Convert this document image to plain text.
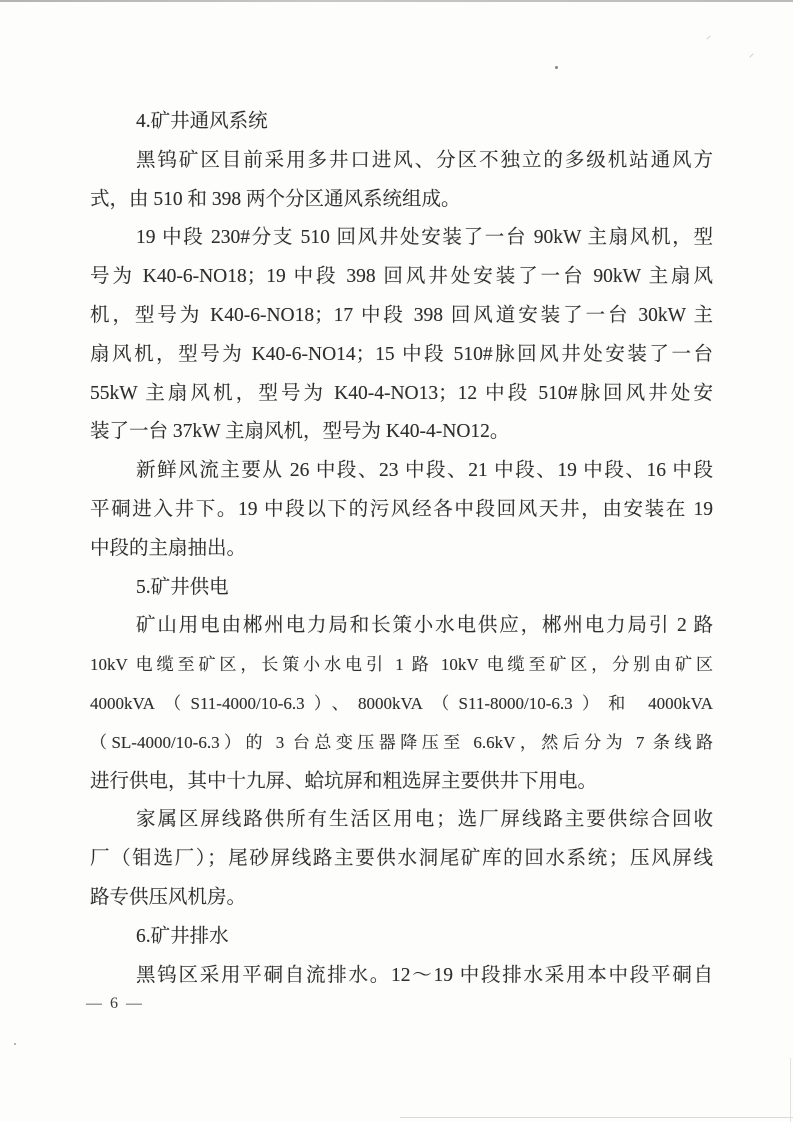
4.矿井通风系统
黑钨矿区目前采用多井口进风、分区不独立的多级机站通风方
式，由 510 和 398 两个分区通风系统组成。
19 中段 230#分支 510 回风井处安装了一台 90kW 主扇风机，型
号为 K40-6-NO18；19 中段 398 回风井处安装了一台 90kW 主扇风
机，型号为 K40-6-NO18；17 中段 398 回风道安装了一台 30kW 主
扇风机，型号为 K40-6-NO14；15 中段 510#脉回风井处安装了一台
55kW 主扇风机，型号为 K40-4-NO13；12 中段 510#脉回风井处安
装了一台 37kW 主扇风机，型号为 K40-4-NO12。
新鲜风流主要从 26 中段、23 中段、21 中段、19 中段、16 中段
平硐进入井下。19 中段以下的污风经各中段回风天井，由安装在 19
中段的主扇抽出。
5.矿井供电
矿山用电由郴州电力局和长策小水电供应，郴州电力局引 2 路
10kV 电缆至矿区，长策小水电引 1 路 10kV 电缆至矿区，分别由矿区
4000kVA（S11-4000/10-6.3）、8000kVA（S11-8000/10-6.3）和 4000kVA
（SL-4000/10-6.3）的 3 台总变压器降压至 6.6kV，然后分为 7 条线路
进行供电，其中十九屏、蛤坑屏和粗选屏主要供井下用电。
家属区屏线路供所有生活区用电；选厂屏线路主要供综合回收
厂（钼选厂）；尾砂屏线路主要供水洞尾矿库的回水系统；压风屏线
路专供压风机房。
6.矿井排水
黑钨区采用平硐自流排水。12～19 中段排水采用本中段平硐自
— 6 —
